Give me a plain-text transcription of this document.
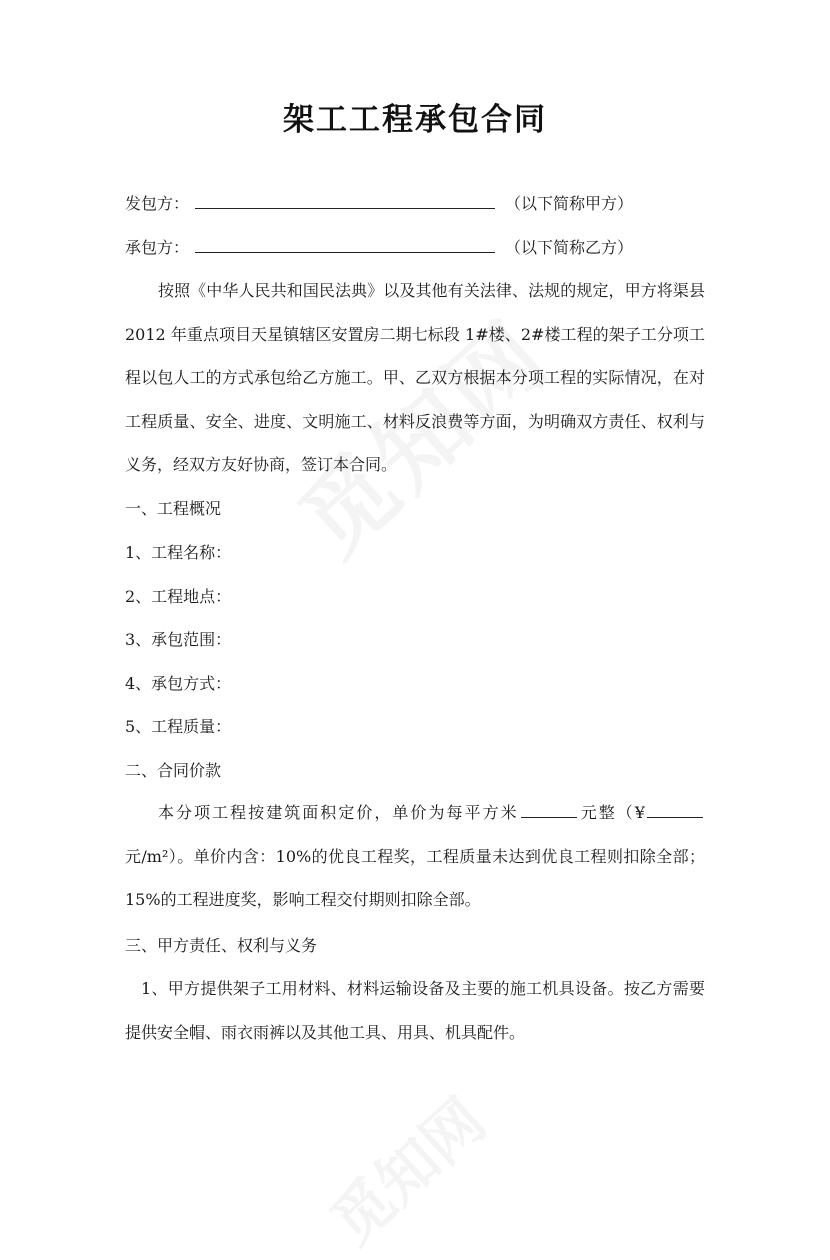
架工工程承包合同
发包方：	（以下简称甲方）
承包方：	（以下简称乙方）

按照《中华人民共和国民法典》以及其他有关法律、法规的规定，甲方将渠县 2012 年重点项目天星镇辖区安置房二期七标段 1#楼、2#楼工程的架子工分项工程以包人工的方式承包给乙方施工。甲、乙双方根据本分项工程的实际情况，在对工程质量、安全、进度、文明施工、材料反浪费等方面，为明确双方责任、权利与义务，经双方友好协商，签订本合同。

一、工程概况
1、工程名称：
2、工程地点：
3、承包范围：
4、承包方式：
5、工程质量：
二、合同价款

本分项工程按建筑面积定价，单价为每平方米	元整（¥元/m²）。单价内含：10%的优良工程奖，工程质量未达到优良工程则扣除全部；15%的工程进度奖，影响工程交付期则扣除全部。

三、甲方责任、权利与义务

1、甲方提供架子工用材料、材料运输设备及主要的施工机具设备。按乙方需要提供安全帽、雨衣雨裤以及其他工具、用具、机具配件。
